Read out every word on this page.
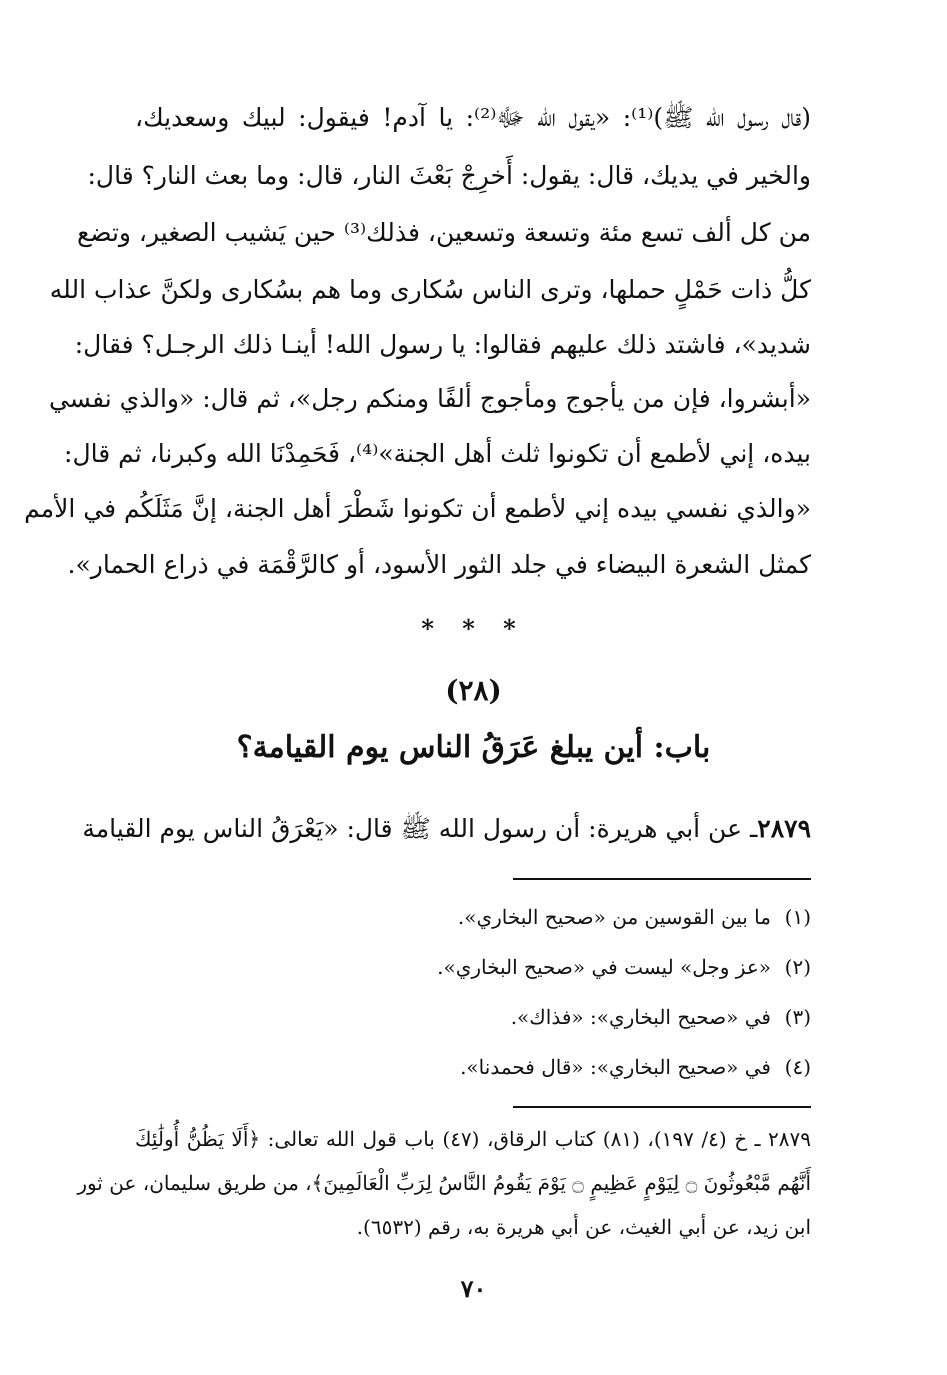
(قال رسول الله ﷺ)⁽¹⁾: «يقول الله ﷻ⁽²⁾: يا آدم! فيقول: لبيك وسعديك،
والخير في يديك، قال: يقول: أَخرِجْ بَعْثَ النار، قال: وما بعث النار؟ قال:
من كل ألف تسع مئة وتسعة وتسعين، فذلك⁽³⁾ حين يَشيب الصغير، وتضع
كلُّ ذات حَمْلٍ حملها، وترى الناس سُكارى وما هم بسُكارى ولكنَّ عذاب الله
شديد»، فاشتد ذلك عليهم فقالوا: يا رسول الله! أينـا ذلك الرجـل؟ فقال:
«أبشروا، فإن من يأجوج ومأجوج ألفًا ومنكم رجل»، ثم قال: «والذي نفسي
بيده، إني لأطمع أن تكونوا ثلث أهل الجنة»⁽⁴⁾، فَحَمِدْنَا الله وكبرنا، ثم قال:
«والذي نفسي بيده إني لأطمع أن تكونوا شَطْرَ أهل الجنة، إنَّ مَثَلَكُم في الأمم
كمثل الشعرة البيضاء في جلد الثور الأسود، أو كالرَّقْمَة في ذراع الحمار».
* * *
(٢٨)
باب: أين يبلغ عَرَقُ الناس يوم القيامة؟
٢٨٧٩ـ عن أبي هريرة: أن رسول الله ﷺ قال: «يَعْرَقُ الناس يوم القيامة
(١)ما بين القوسين من «صحيح البخاري».
(٢)«عز وجل» ليست في «صحيح البخاري».
(٣)في «صحيح البخاري»: «فذاك».
(٤)في «صحيح البخاري»: «قال فحمدنا».
٢٨٧٩ ـ خ (٤/ ١٩٧)، (٨١) كتاب الرقاق، (٤٧) باب قول الله تعالى: ﴿أَلَا يَظُنُّ أُولَٰئِكَ
أَنَّهُم مَّبْعُوثُونَ ۝ لِيَوْمٍ عَظِيمٍ ۝ يَوْمَ يَقُومُ النَّاسُ لِرَبِّ الْعَالَمِينَ﴾، من طريق سليمان، عن ثور
ابن زيد، عن أبي الغيث، عن أبي هريرة به، رقم (٦٥٣٢).
٧٠
